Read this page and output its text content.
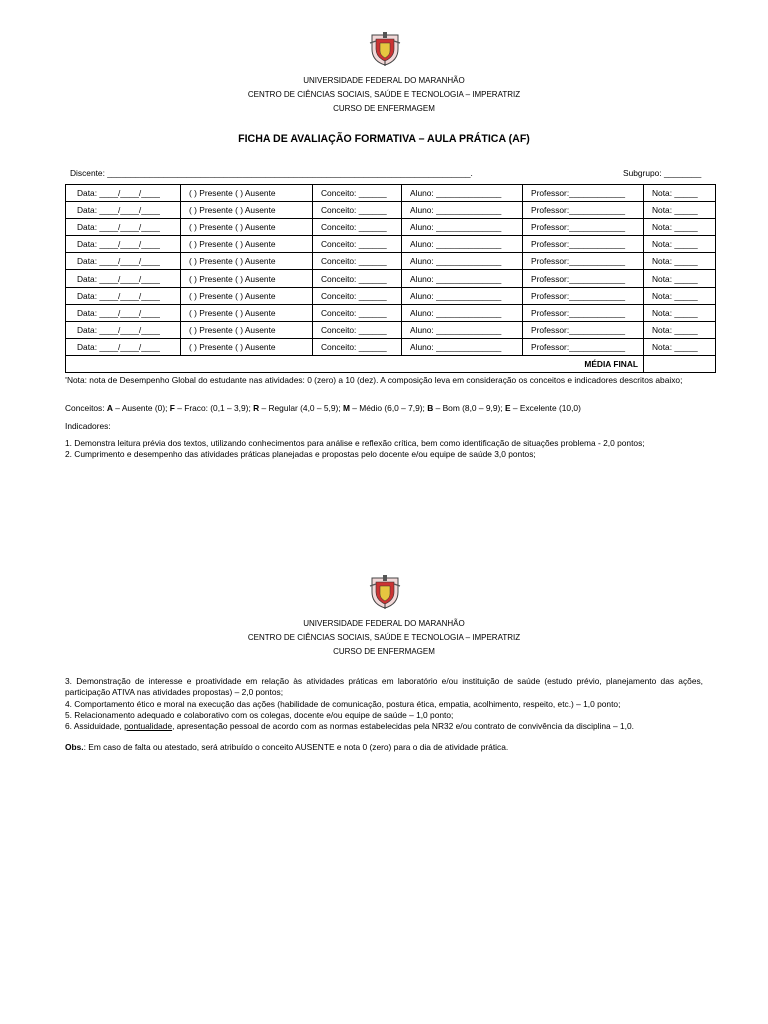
UNIVERSIDADE FEDERAL DO MARANHÃO
CENTRO DE CIÊNCIAS SOCIAIS, SAÚDE E TECNOLOGIA – IMPERATRIZ
CURSO DE ENFERMAGEM
FICHA DE AVALIAÇÃO FORMATIVA – AULA PRÁTICA (AF)
Discente: ______________________________________________________________________________.	Subgrupo: ________
Data: ____/____/____	( ) Presente ( ) Ausente	Conceito: ______	Aluno: ______________	Professor:____________	Nota: _____
Data: ____/____/____	( ) Presente ( ) Ausente	Conceito: ______	Aluno: ______________	Professor:____________	Nota: _____
Data: ____/____/____	( ) Presente ( ) Ausente	Conceito: ______	Aluno: ______________	Professor:____________	Nota: _____
Data: ____/____/____	( ) Presente ( ) Ausente	Conceito: ______	Aluno: ______________	Professor:____________	Nota: _____
Data: ____/____/____	( ) Presente ( ) Ausente	Conceito: ______	Aluno: ______________	Professor:____________	Nota: _____
Data: ____/____/____	( ) Presente ( ) Ausente	Conceito: ______	Aluno: ______________	Professor:____________	Nota: _____
Data: ____/____/____	( ) Presente ( ) Ausente	Conceito: ______	Aluno: ______________	Professor:____________	Nota: _____
Data: ____/____/____	( ) Presente ( ) Ausente	Conceito: ______	Aluno: ______________	Professor:____________	Nota: _____
Data: ____/____/____	( ) Presente ( ) Ausente	Conceito: ______	Aluno: ______________	Professor:____________	Nota: _____
Data: ____/____/____	( ) Presente ( ) Ausente	Conceito: ______	Aluno: ______________	Professor:____________	Nota: _____
MÉDIA FINAL					
*Nota: nota de Desempenho Global do estudante nas atividades: 0 (zero) a 10 (dez). A composição leva em consideração os conceitos e indicadores descritos abaixo;
Conceitos: A – Ausente (0); F – Fraco: (0,1 – 3,9); R – Regular (4,0 – 5,9); M – Médio (6,0 – 7,9); B – Bom (8,0 – 9,9); E – Excelente (10,0)
Indicadores:
1. Demonstra leitura prévia dos textos, utilizando conhecimentos para análise e reflexão crítica, bem como identificação de situações problema - 2,0 pontos;
2. Cumprimento e desempenho das atividades práticas planejadas e propostas pelo docente e/ou equipe de saúde 3,0 pontos;
UNIVERSIDADE FEDERAL DO MARANHÃO
CENTRO DE CIÊNCIAS SOCIAIS, SAÚDE E TECNOLOGIA – IMPERATRIZ
CURSO DE ENFERMAGEM
3. Demonstração de interesse e proatividade em relação às atividades práticas em laboratório e/ou instituição de saúde (estudo prévio, planejamento das ações, participação ATIVA nas atividades propostas) – 2,0 pontos;
4. Comportamento ético e moral na execução das ações (habilidade de comunicação, postura ética, empatia, acolhimento, respeito, etc.) – 1,0 ponto;
5. Relacionamento adequado e colaborativo com os colegas, docente e/ou equipe de saúde – 1,0 ponto;
6. Assiduidade, pontualidade, apresentação pessoal de acordo com as normas estabelecidas pela NR32 e/ou contrato de convivência da disciplina – 1,0.
Obs.: Em caso de falta ou atestado, será atribuído o conceito AUSENTE e nota 0 (zero) para o dia de atividade prática.
